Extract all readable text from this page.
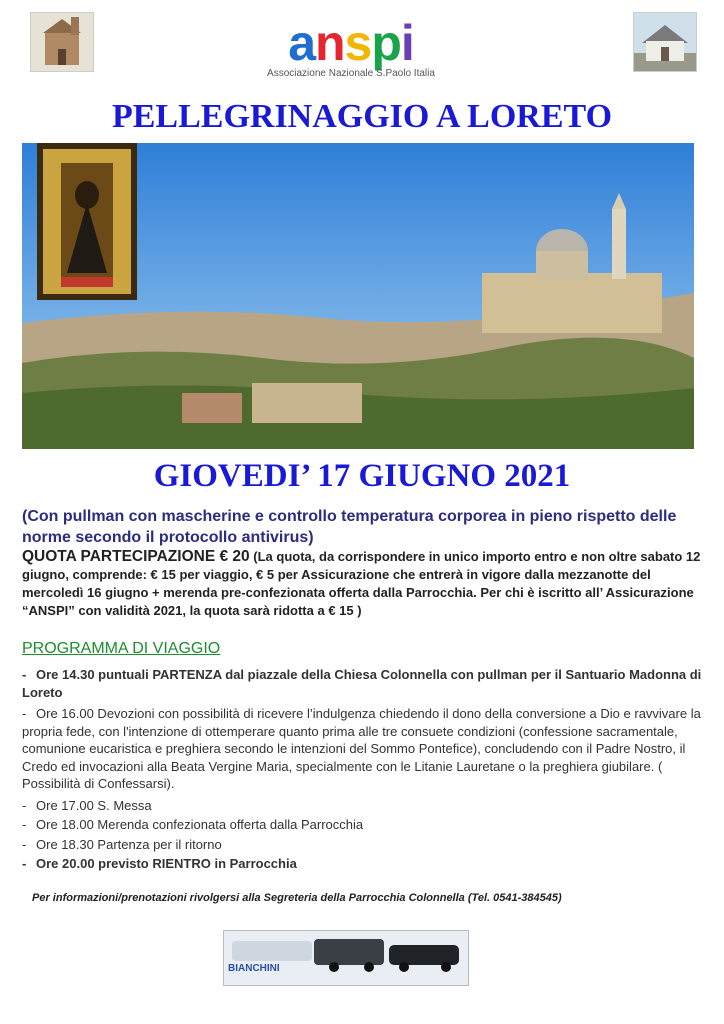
anspi
Associazione Nazionale S.Paolo Italia
PELLEGRINAGGIO A LORETO
GIOVEDI’ 17 GIUGNO 2021
(Con pullman con mascherine e controllo temperatura corporea in pieno rispetto delle norme secondo il protocollo antivirus)
QUOTA PARTECIPAZIONE € 20 (La quota, da corrispondere in unico importo entro e non oltre sabato 12 giugno, comprende: € 15 per viaggio, € 5 per Assicurazione che entrerà in vigore dalla mezzanotte del mercoledì 16 giugno + merenda pre-confezionata offerta dalla Parrocchia. Per chi è iscritto all’ Assicurazione “ANSPI” con validità 2021, la quota sarà ridotta a € 15 )
PROGRAMMA DI VIAGGIO
- Ore 14.30 puntuali PARTENZA dal piazzale della Chiesa Colonnella con pullman per il Santuario Madonna di Loreto
- Ore 16.00 Devozioni con possibilità di ricevere l’indulgenza chiedendo il dono della conversione a Dio e ravvivare la propria fede, con l'intenzione di ottemperare quanto prima alle tre consuete condizioni (confessione sacramentale, comunione eucaristica e preghiera secondo le intenzioni del Sommo Pontefice), concludendo con il Padre Nostro, il Credo ed invocazioni alla Beata Vergine Maria, specialmente con le Litanie Lauretane o la preghiera giubilare. ( Possibilità di Confessarsi).
- Ore 17.00 S. Messa
- Ore 18.00 Merenda confezionata offerta dalla Parrocchia
- Ore 18.30 Partenza per il ritorno
- Ore 20.00 previsto RIENTRO in Parrocchia
Per informazioni/prenotazioni rivolgersi alla Segreteria della Parrocchia Colonnella (Tel. 0541-384545)
BIANCHINI
